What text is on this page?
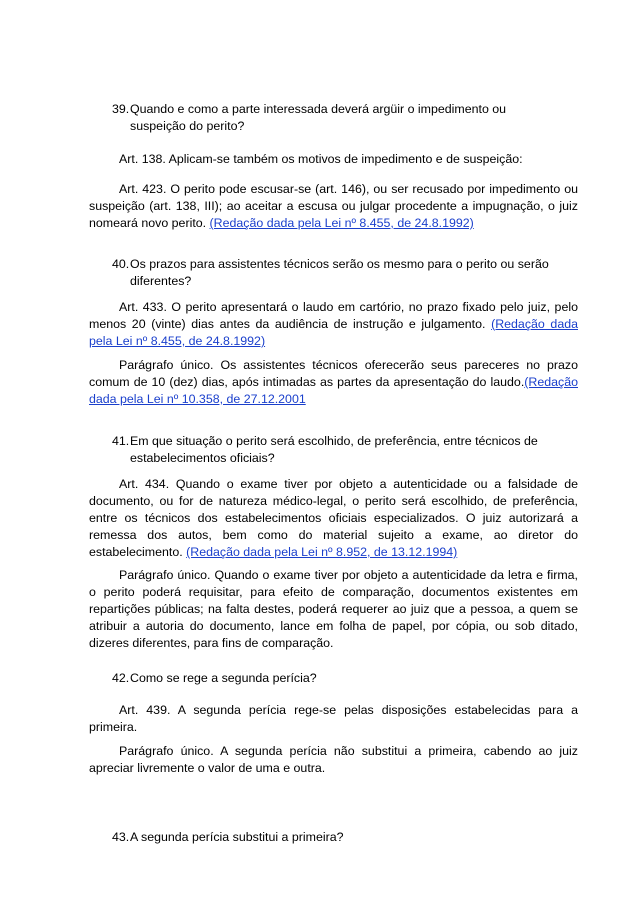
39. Quando e como a parte interessada deverá argüir o impedimento ou suspeição do perito?
Art. 138. Aplicam-se também os motivos de impedimento e de suspeição:
Art. 423. O perito pode escusar-se (art. 146), ou ser recusado por impedimento ou suspeição (art. 138, III); ao aceitar a escusa ou julgar procedente a impugnação, o juiz nomeará novo perito. (Redação dada pela Lei nº 8.455, de 24.8.1992)
40. Os prazos para assistentes técnicos serão os mesmo para o perito ou serão diferentes?
Art. 433. O perito apresentará o laudo em cartório, no prazo fixado pelo juiz, pelo menos 20 (vinte) dias antes da audiência de instrução e julgamento. (Redação dada pela Lei nº 8.455, de 24.8.1992)
Parágrafo único. Os assistentes técnicos oferecerão seus pareceres no prazo comum de 10 (dez) dias, após intimadas as partes da apresentação do laudo.(Redação dada pela Lei nº 10.358, de 27.12.2001
41. Em que situação o perito será escolhido, de preferência, entre técnicos de estabelecimentos oficiais?
Art. 434. Quando o exame tiver por objeto a autenticidade ou a falsidade de documento, ou for de natureza médico-legal, o perito será escolhido, de preferência, entre os técnicos dos estabelecimentos oficiais especializados. O juiz autorizará a remessa dos autos, bem como do material sujeito a exame, ao diretor do estabelecimento. (Redação dada pela Lei nº 8.952, de 13.12.1994)
Parágrafo único. Quando o exame tiver por objeto a autenticidade da letra e firma, o perito poderá requisitar, para efeito de comparação, documentos existentes em repartições públicas; na falta destes, poderá requerer ao juiz que a pessoa, a quem se atribuir a autoria do documento, lance em folha de papel, por cópia, ou sob ditado, dizeres diferentes, para fins de comparação.
42. Como se rege a segunda perícia?
Art. 439. A segunda perícia rege-se pelas disposições estabelecidas para a primeira.
Parágrafo único. A segunda perícia não substitui a primeira, cabendo ao juiz apreciar livremente o valor de uma e outra.
43. A segunda perícia substitui a primeira?
